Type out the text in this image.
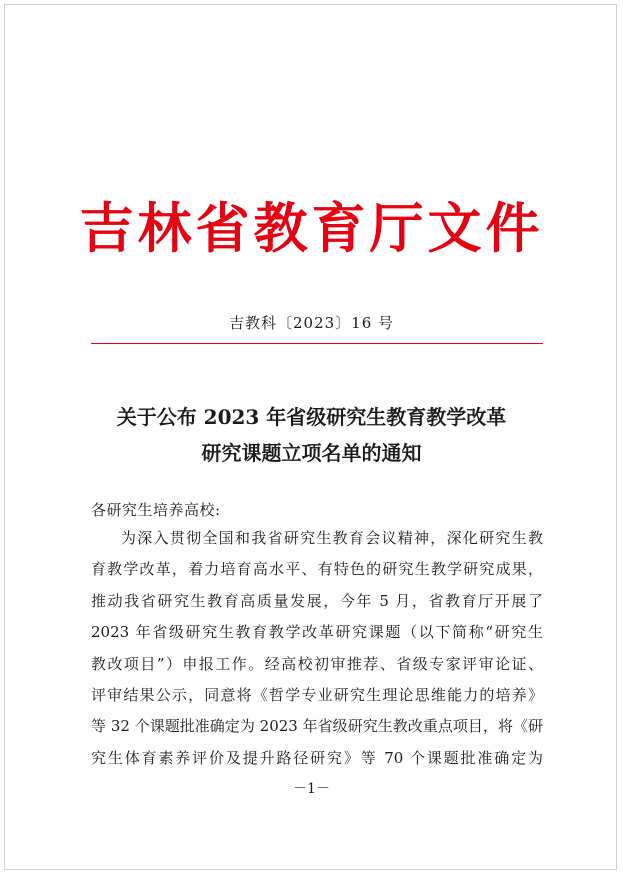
吉林省教育厅文件
吉教科〔2023〕16 号
关于公布 2023 年省级研究生教育教学改革
研究课题立项名单的通知
各研究生培养高校:
为深入贯彻全国和我省研究生教育会议精神，深化研究生教
育教学改革，着力培育高水平、有特色的研究生教学研究成果，
推动我省研究生教育高质量发展，今年 5 月，省教育厅开展了
2023 年省级研究生教育教学改革研究课题（以下简称“研究生
教改项目”）申报工作。经高校初审推荐、省级专家评审论证、
评审结果公示，同意将《哲学专业研究生理论思维能力的培养》
等 32 个课题批准确定为 2023 年省级研究生教改重点项目，将《研
究生体育素养评价及提升路径研究》等 70 个课题批准确定为
－1－
